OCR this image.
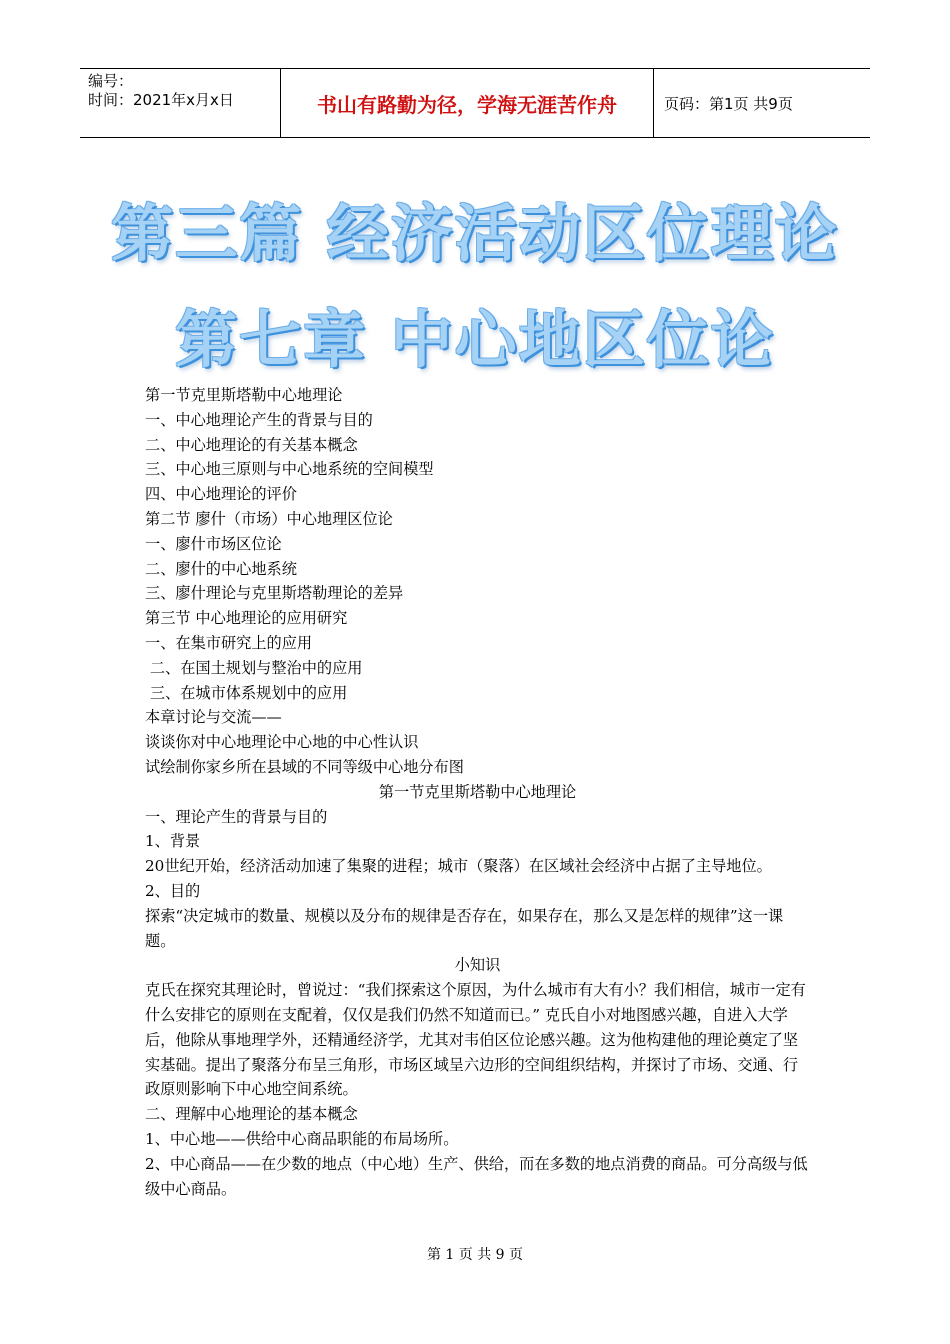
编号：
时间：2021年x月x日	书山有路勤为径，学海无涯苦作舟	页码：第1页 共9页
第三篇 经济活动区位理论
第七章 中心地区位论

第一节克里斯塔勒中心地理论

一、中心地理论产生的背景与目的

二、中心地理论的有关基本概念

三、中心地三原则与中心地系统的空间模型

四、中心地理论的评价

第二节 廖什（市场）中心地理区位论

一、廖什市场区位论

二、廖什的中心地系统

三、廖什理论与克里斯塔勒理论的差异

第三节 中心地理论的应用研究

一、在集市研究上的应用

二、在国土规划与整治中的应用

三、在城市体系规划中的应用

本章讨论与交流——

谈谈你对中心地理论中心地的中心性认识

试绘制你家乡所在县域的不同等级中心地分布图

第一节克里斯塔勒中心地理论

一、理论产生的背景与目的

1、背景

20世纪开始，经济活动加速了集聚的进程；城市（聚落）在区域社会经济中占据了主导地位。

2、目的

探索“决定城市的数量、规模以及分布的规律是否存在，如果存在，那么又是怎样的规律”这一课题。

小知识

克氏在探究其理论时，曾说过：“我们探索这个原因，为什么城市有大有小？我们相信，城市一定有什么安排它的原则在支配着，仅仅是我们仍然不知道而已。” 克氏自小对地图感兴趣，自进入大学后，他除从事地理学外，还精通经济学，尤其对韦伯区位论感兴趣。这为他构建他的理论奠定了坚实基础。提出了聚落分布呈三角形，市场区域呈六边形的空间组织结构，并探讨了市场、交通、行政原则影响下中心地空间系统。

二、理解中心地理论的基本概念

1、中心地——供给中心商品职能的布局场所。

2、中心商品——在少数的地点（中心地）生产、供给，而在多数的地点消费的商品。可分高级与低级中心商品。

第 1 页 共 9 页
